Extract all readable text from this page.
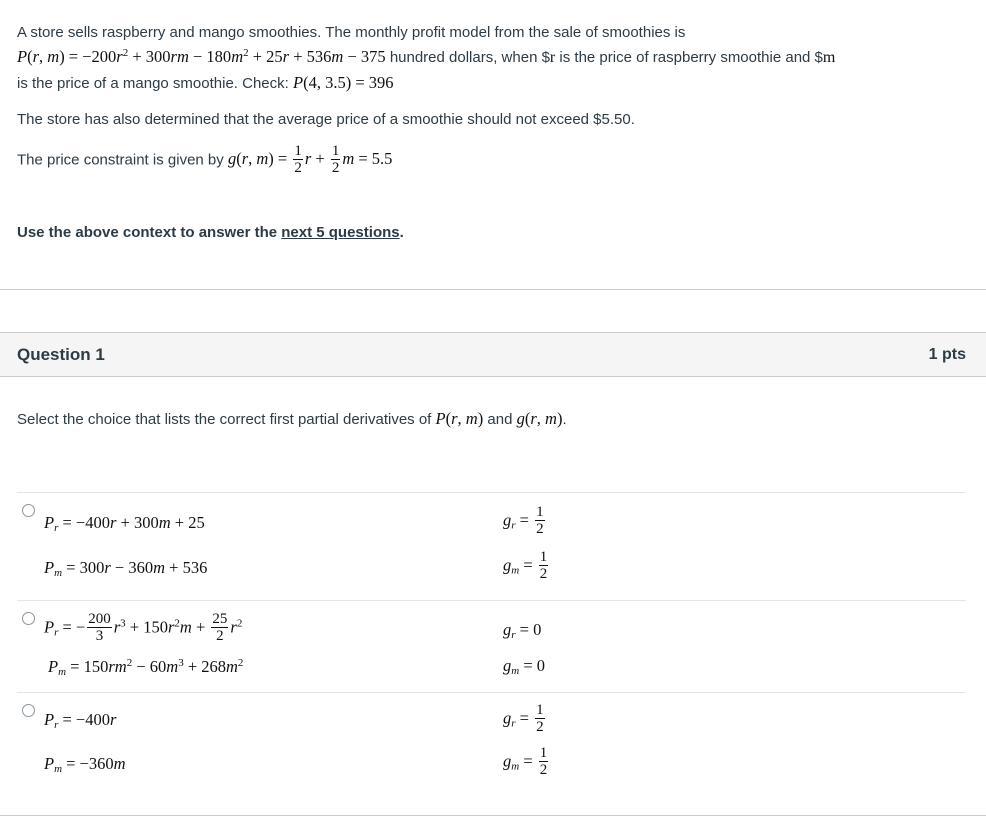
A store sells raspberry and mango smoothies. The monthly profit model from the sale of smoothies is
P(r, $m) = -200r^2 + 300rm - 180m^2 + 25r + 536m - 375$ hundred dollars, when $r is the price of raspberry smoothie and $m
is the price of a mango smoothie. Check: P(4, 3.5) = 396
The store has also determined that the average price of a smoothie should not exceed $5.50.
The price constraint is given by g(r, $m) = \frac{1}{2}$ $r + \frac{1}{2}$ m = 5.5
Use the above context to answer the next 5 questions.
Question 1	1 pts
Select the choice that lists the correct first partial derivatives of P(r, m) and g(r, m).
$P_r = -400r + 300m + 25$
$P_m = 300r - 360m + 536$
$g_r = \frac{1}{2}$
$g_m = \frac{1}{2}$
$P_r$ = − $\frac{200}{3} r^3 + 150r^2m + \frac{25}{2} r^2$
$P_m = 150rm^2 - 60m^3 + 268m^2$
$g_r = 0$
$g_m = 0$
$P_r = -400r$
$P_m = -360m$
$g_r = \frac{1}{2}$
$g_m = \frac{1}{2}$
